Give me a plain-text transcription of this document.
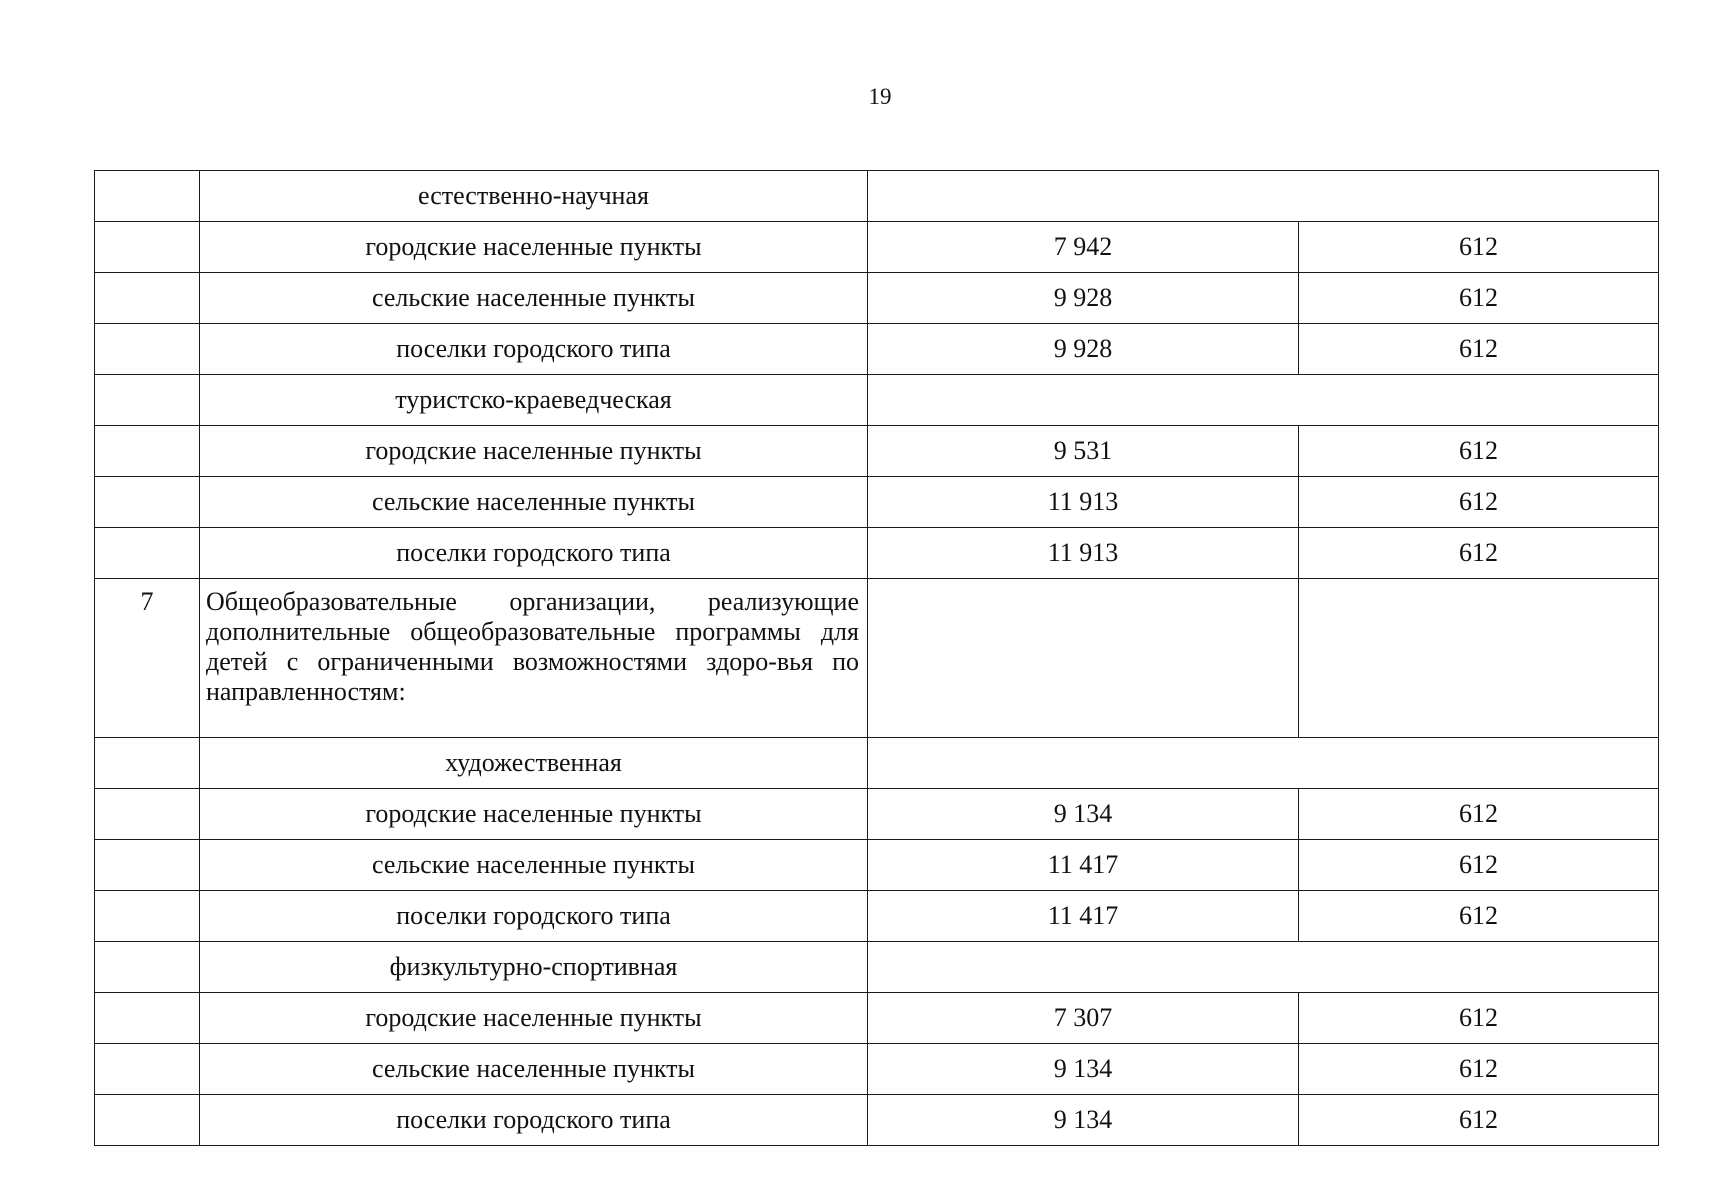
19
	естественно-научная		
	городские населенные пункты	7 942	612
	сельские населенные пункты	9 928	612
	поселки городского типа	9 928	612
	туристско-краеведческая		
	городские населенные пункты	9 531	612
	сельские населенные пункты	11 913	612
	поселки городского типа	11 913	612
7	Общеобразовательные организации, реализующие дополнительные общеобразовательные программы для детей с ограниченными возможностями здоро-вья по направленностям:		
	художественная		
	городские населенные пункты	9 134	612
	сельские населенные пункты	11 417	612
	поселки городского типа	11 417	612
	физкультурно-спортивная		
	городские населенные пункты	7 307	612
	сельские населенные пункты	9 134	612
	поселки городского типа	9 134	612
